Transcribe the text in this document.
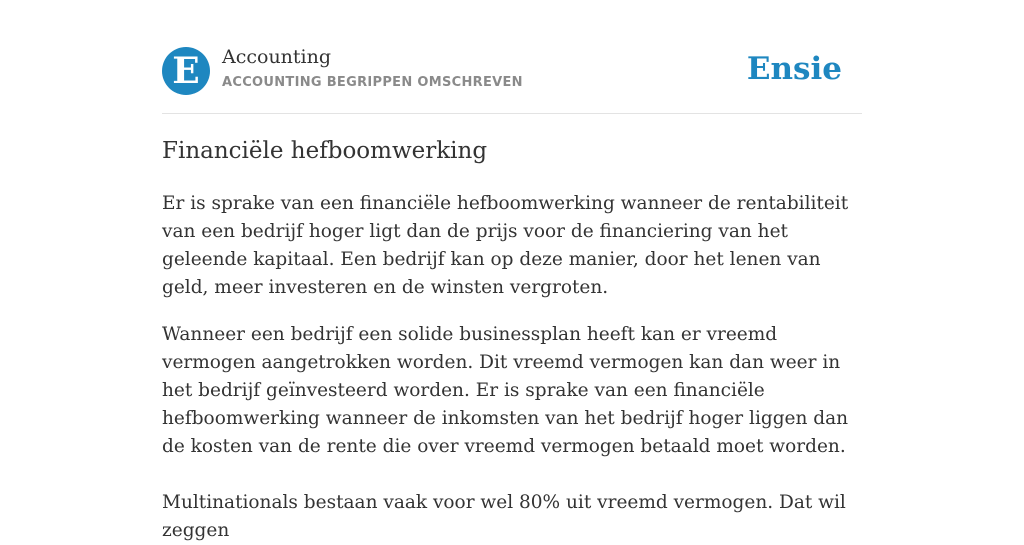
E	Accounting
ACCOUNTING BEGRIPPEN OMSCHREVEN	Ensie
Financiële hefboomwerking

Er is sprake van een financiële hefboomwerking wanneer de rentabiliteit van een bedrijf hoger ligt dan de prijs voor de financiering van het geleende kapitaal. Een bedrijf kan op deze manier, door het lenen van geld, meer investeren en de winsten vergroten.

Wanneer een bedrijf een solide businessplan heeft kan er vreemd vermogen aangetrokken worden. Dit vreemd vermogen kan dan weer in het bedrijf geïnvesteerd worden. Er is sprake van een financiële hefboomwerking wanneer de inkomsten van het bedrijf hoger liggen dan de kosten van de rente die over vreemd vermogen betaald moet worden.

Multinationals bestaan vaak voor wel 80% uit vreemd vermogen. Dat wil zeggen
